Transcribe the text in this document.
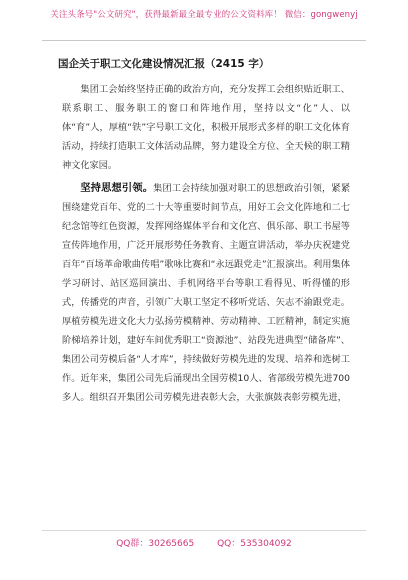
关注头条号"公文研究"，获得最新最全最专业的公文资料库！ 微信：gongwenyj
国企关于职工文化建设情况汇报（2415 字）

集团工会始终坚持正确的政治方向，充分发挥工会组织贴近职工、联系职工、服务职工的窗口和阵地作用，坚持以文“化”人、以体“育”人，厚植“铁”字号职工文化，积极开展形式多样的职工文化体育活动，持续打造职工文体活动品牌，努力建设全方位、全天候的职工精神文化家园。

坚持思想引领。集团工会持续加强对职工的思想政治引领，紧紧围绕建党百年、党的二十大等重要时间节点，用好工会文化阵地和二七纪念馆等红色资源，发挥网络媒体平台和文化宫、俱乐部、职工书屋等宣传阵地作用，广泛开展形势任务教育、主题宣讲活动，举办庆祝建党百年“百场革命歌曲传唱”歌咏比赛和“永远跟党走”汇报演出。利用集体学习研讨、站区巡回演出、手机网络平台等职工看得见、听得懂的形式，传播党的声音，引领广大职工坚定不移听党话、矢志不渝跟党走。厚植劳模先进文化大力弘扬劳模精神、劳动精神、工匠精神，制定实施阶梯培养计划，建好车间优秀职工“资源池”、站段先进典型“储备库”、集团公司劳模后备“人才库”，持续做好劳模先进的发现、培养和选树工作。近年来，集团公司先后涌现出全国劳模10人、省部级劳模先进700多人。组织召开集团公司劳模先进表彰大会，大张旗鼓表彰劳模先进，

QQ群：30265665	QQ：535304092
